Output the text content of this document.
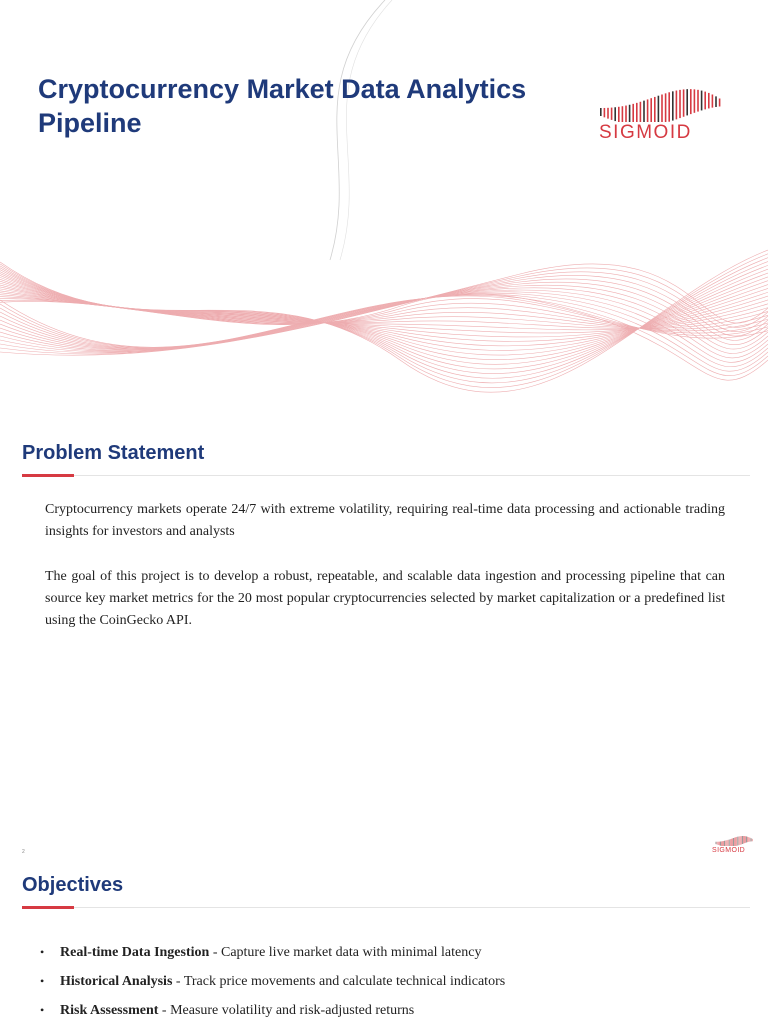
Cryptocurrency Market Data Analytics Pipeline	SIGMOID
Problem Statement
Cryptocurrency markets operate 24/7 with extreme volatility, requiring real-time data processing and actionable trading insights for investors and analysts
The goal of this project is to develop a robust, repeatable, and scalable data ingestion and processing pipeline that can source key market metrics for the 20 most popular cryptocurrencies selected by market capitalization or a predefined list using the CoinGecko API.
2	SIGMOID
Objectives
• Real-time Data Ingestion - Capture live market data with minimal latency
• Historical Analysis - Track price movements and calculate technical indicators
• Risk Assessment - Measure volatility and risk-adjusted returns
